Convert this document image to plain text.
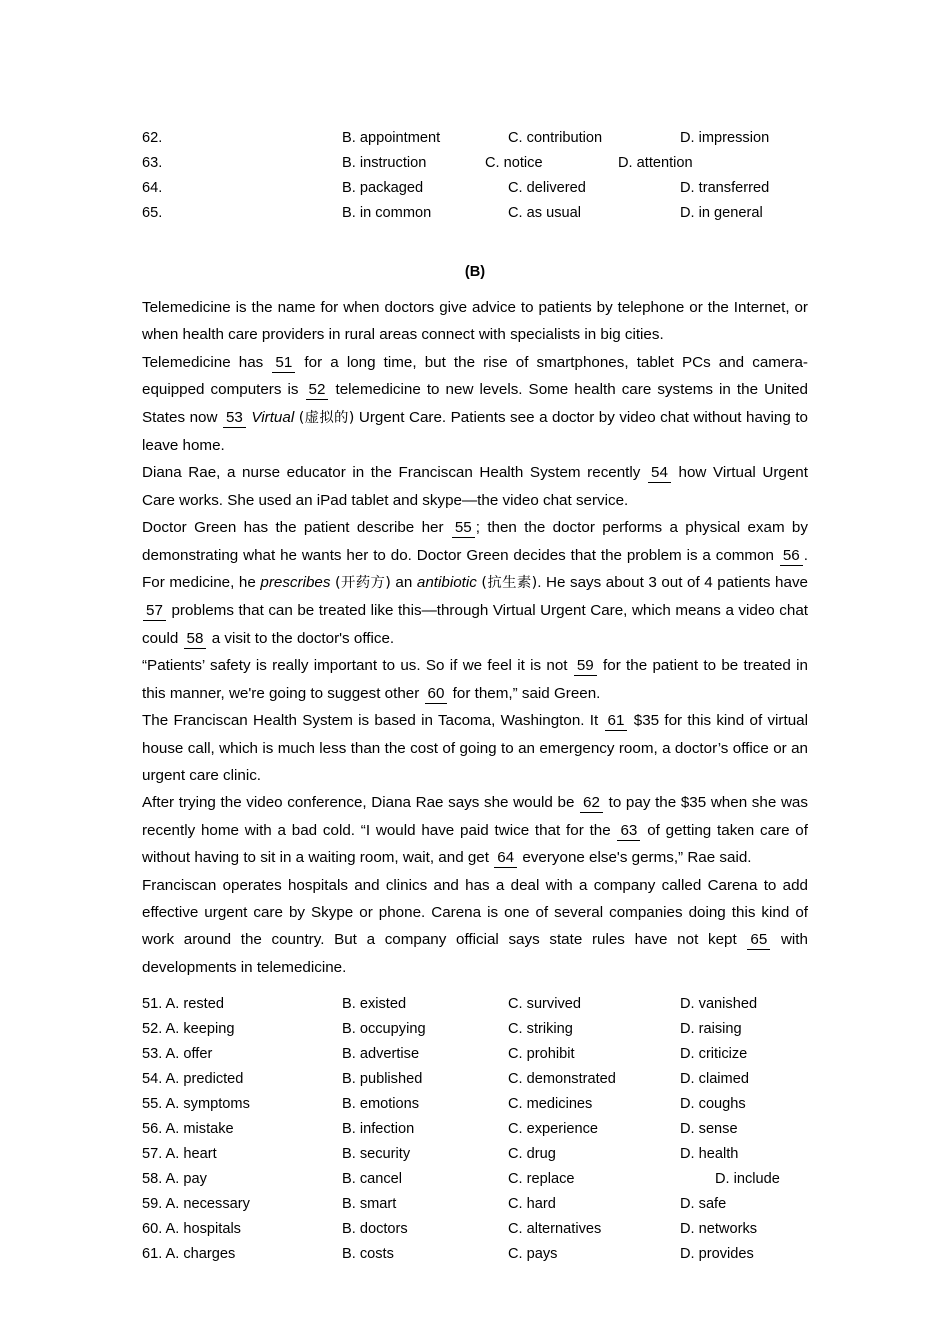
62.	B. appointment	C. contribution	D. impression
63.	B. instruction	C. notice	D. attention
64.	B. packaged	C. delivered	D. transferred
65.	B. in common	C. as usual	D. in general
(B)

Telemedicine is the name for when doctors give advice to patients by telephone or the Internet, or when health care providers in rural areas connect with specialists in big cities.

Telemedicine has 51 for a long time, but the rise of smartphones, tablet PCs and camera-equipped computers is 52 telemedicine to new levels. Some health care systems in the United States now 53 Virtual (虚拟的) Urgent Care. Patients see a doctor by video chat without having to leave home.

Diana Rae, a nurse educator in the Franciscan Health System recently 54 how Virtual Urgent Care works. She used an iPad tablet and skype—the video chat service.

Doctor Green has the patient describe her 55 ; then the doctor performs a physical exam by demonstrating what he wants her to do. Doctor Green decides that the problem is a common 56 . For medicine, he prescribes (开药方) an antibiotic (抗生素). He says about 3 out of 4 patients have 57 problems that can be treated like this—through Virtual Urgent Care, which means a video chat could 58 a visit to the doctor's office.

“Patients’ safety is really important to us. So if we feel it is not 59 for the patient to be treated in this manner, we're going to suggest other 60 for them,” said Green.

The Franciscan Health System is based in Tacoma, Washington. It 61 $35 for this kind of virtual house call, which is much less than the cost of going to an emergency room, a doctor’s office or an urgent care clinic.

After trying the video conference, Diana Rae says she would be 62 to pay the $35 when she was recently home with a bad cold. “I would have paid twice that for the 63 of getting taken care of without having to sit in a waiting room, wait, and get 64 everyone else's germs,” Rae said.

Franciscan operates hospitals and clinics and has a deal with a company called Carena to add effective urgent care by Skype or phone. Carena is one of several companies doing this kind of work around the country. But a company official says state rules have not kept 65 with developments in telemedicine.

51. A. rested	B. existed	C. survived	D. vanished
52. A. keeping	B. occupying	C. striking	D. raising
53. A. offer	B. advertise	C. prohibit	D. criticize
54. A. predicted	B. published	C. demonstrated	D. claimed
55. A. symptoms	B. emotions	C. medicines	D. coughs
56. A. mistake	B. infection	C. experience	D. sense
57. A. heart	B. security	C. drug	D. health
58. A. pay	B. cancel	C. replace	D. include
59. A. necessary	B. smart	C. hard	D. safe
60. A. hospitals	B. doctors	C. alternatives	D. networks
61. A. charges	B. costs	C. pays	D. provides
